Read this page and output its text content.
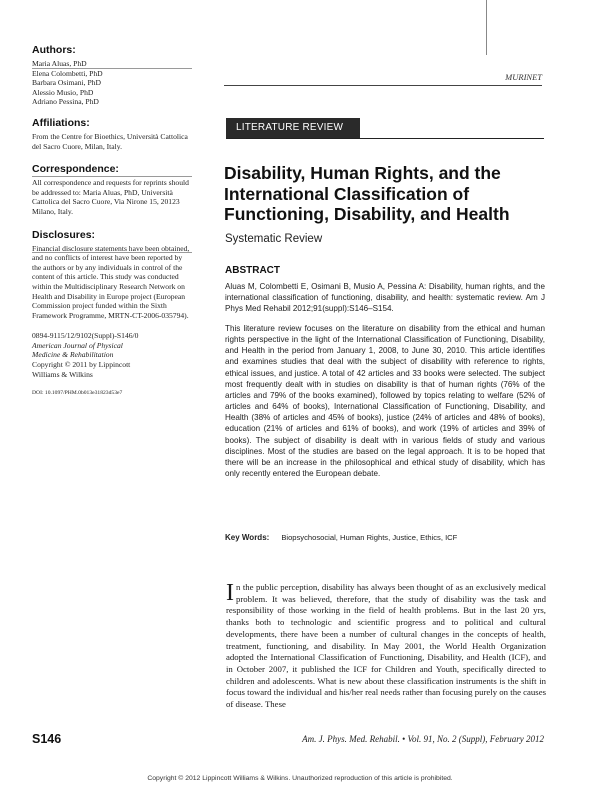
Authors:
Maria Aluas, PhD
Elena Colombetti, PhD
Barbara Osimani, PhD
Alessio Musio, PhD
Adriano Pessina, PhD
Affiliations:
From the Centre for Bioethics, Università Cattolica del Sacro Cuore, Milan, Italy.
Correspondence:
All correspondence and requests for reprints should be addressed to: Maria Aluas, PhD, Università Cattolica del Sacro Cuore, Via Nirone 15, 20123 Milano, Italy.
Disclosures:
Financial disclosure statements have been obtained, and no conflicts of interest have been reported by the authors or by any individuals in control of the content of this article. This study was conducted within the Multidisciplinary Research Network on Health and Disability in Europe project (European Commission project funded within the Sixth Framework Programme, MRTN-CT-2006-035794).
0894-9115/12/9102(Suppl)-S146/0
American Journal of Physical
Medicine & Rehabilitation
Copyright © 2011 by Lippincott
Williams & Wilkins
DOI: 10.1097/PHM.0b013e31823d53e7
MURINET
LITERATURE REVIEW
Disability, Human Rights, and the International Classification of Functioning, Disability, and Health
Systematic Review
ABSTRACT
Aluas M, Colombetti E, Osimani B, Musio A, Pessina A: Disability, human rights, and the international classification of functioning, disability, and health: systematic review. Am J Phys Med Rehabil 2012;91(suppl):S146–S154.
This literature review focuses on the literature on disability from the ethical and human rights perspective in the light of the International Classification of Functioning, Disability, and Health in the period from January 1, 2008, to June 30, 2010. This article identifies and examines studies that deal with the subject of disability with reference to rights, ethical issues, and justice. A total of 42 articles and 33 books were selected. The subject most frequently dealt with in studies on disability is that of human rights (76% of the articles and 79% of the books examined), followed by topics relating to welfare (52% of articles and 64% of books), International Classification of Functioning, Disability, and Health (38% of articles and 45% of books), justice (24% of articles and 48% of books), education (21% of articles and 61% of books), and work (19% of articles and 39% of books). The subject of disability is dealt with in various fields of study and various disciplines. Most of the studies are based on the legal approach. It is to be hoped that there will be an increase in the philosophical and ethical study of disability, which has only recently entered the European debate.
Key Words: Biopsychosocial, Human Rights, Justice, Ethics, ICF
In the public perception, disability has always been thought of as an exclusively medical problem. It was believed, therefore, that the study of disability was the task and responsibility of those working in the field of health problems. But in the last 20 yrs, thanks both to technologic and scientific progress and to political and cultural developments, there have been a number of cultural changes in the concepts of health, treatment, functioning, and disability. In May 2001, the World Health Organization adopted the International Classification of Functioning, Disability, and Health (ICF), and in October 2007, it published the ICF for Children and Youth, specifically directed to children and adolescents. What is new about these classification instruments is the shift in focus toward the individual and his/her real needs rather than focusing purely on the causes of disease. These
S146	Am. J. Phys. Med. Rehabil. • Vol. 91, No. 2 (Suppl), February 2012
Copyright © 2012 Lippincott Williams & Wilkins. Unauthorized reproduction of this article is prohibited.
